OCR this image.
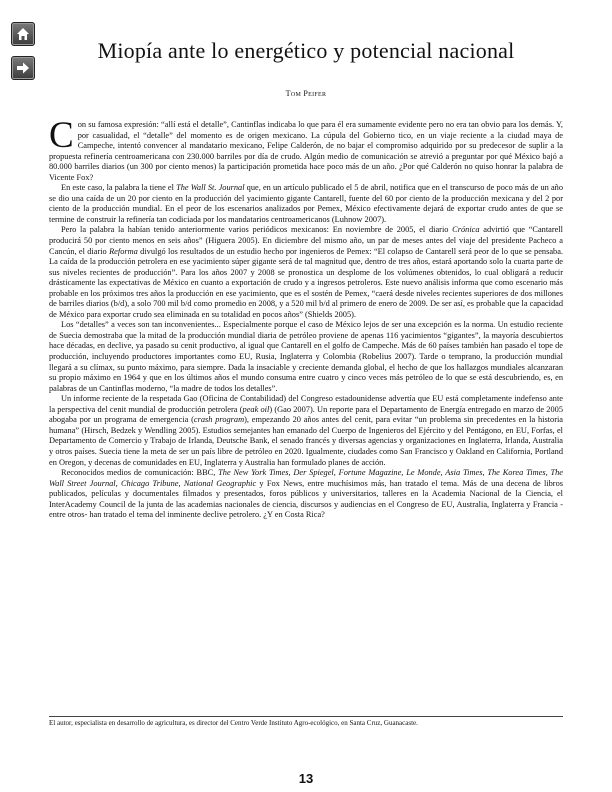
Miopía ante lo energético y potencial nacional
Tom Peifer

Con su famosa expresión: “allí está el detalle”, Cantinflas indicaba lo que para él era sumamente evidente pero no era tan obvio para los demás. Y, por casualidad, el “detalle” del momento es de origen mexicano. La cúpula del Gobierno tico, en un viaje reciente a la ciudad maya de Campeche, intentó convencer al mandatario mexicano, Felipe Calderón, de no bajar el compromiso adquirido por su predecesor de suplir a la propuesta refinería centroamericana con 230.000 barriles por día de crudo. Algún medio de comunicación se atrevió a preguntar por qué México bajó a 80.000 barriles diarios (un 300 por ciento menos) la participación prometida hace poco más de un año. ¿Por qué Calderón no quiso honrar la palabra de Vicente Fox?

En este caso, la palabra la tiene el The Wall St. Journal que, en un artículo publicado el 5 de abril, notifica que en el transcurso de poco más de un año se dio una caída de un 20 por ciento en la producción del yacimiento gigante Cantarell, fuente del 60 por ciento de la producción mexicana y del 2 por ciento de la producción mundial. En el peor de los escenarios analizados por Pemex, México efectivamente dejará de exportar crudo antes de que se termine de construir la refinería tan codiciada por los mandatarios centroamericanos (Luhnow 2007).

Pero la palabra la habían tenido anteriormente varios periódicos mexicanos: En noviembre de 2005, el diario Crónica advirtió que “Cantarell producirá 50 por ciento menos en seis años” (Higuera 2005). En diciembre del mismo año, un par de meses antes del viaje del presidente Pacheco a Cancún, el diario Reforma divulgó los resultados de un estudio hecho por ingenieros de Pemex: “El colapso de Cantarell será peor de lo que se pensaba. La caída de la producción petrolera en ese yacimiento súper gigante será de tal magnitud que, dentro de tres años, estará aportando solo la cuarta parte de sus niveles recientes de producción”. Para los años 2007 y 2008 se pronostica un desplome de los volúmenes obtenidos, lo cual obligará a reducir drásticamente las expectativas de México en cuanto a exportación de crudo y a ingresos petroleros. Este nuevo análisis informa que como escenario más probable en los próximos tres años la producción en ese yacimiento, que es el sostén de Pemex, “caerá desde niveles recientes superiores de dos millones de barriles diarios (b/d), a solo 700 mil b/d como promedio en 2008, y a 520 mil b/d al primero de enero de 2009. De ser así, es probable que la capacidad de México para exportar crudo sea eliminada en su totalidad en pocos años” (Shields 2005).

Los “detalles” a veces son tan inconvenientes... Especialmente porque el caso de México lejos de ser una excepción es la norma. Un estudio reciente de Suecia demostraba que la mitad de la producción mundial diaria de petróleo proviene de apenas 116 yacimientos “gigantes”, la mayoría descubiertos hace décadas, en declive, ya pasado su cenit productivo, al igual que Cantarell en el golfo de Campeche. Más de 60 países también han pasado el tope de producción, incluyendo productores importantes como EU, Rusia, Inglaterra y Colombia (Robelius 2007). Tarde o temprano, la producción mundial llegará a su clímax, su punto máximo, para siempre. Dada la insaciable y creciente demanda global, el hecho de que los hallazgos mundiales alcanzaran su propio máximo en 1964 y que en los últimos años el mundo consuma entre cuatro y cinco veces más petróleo de lo que se está descubriendo, es, en palabras de un Cantinflas moderno, “la madre de todos los detalles”.

Un informe reciente de la respetada Gao (Oficina de Contabilidad) del Congreso estadounidense advertía que EU está completamente indefenso ante la perspectiva del cenit mundial de producción petrolera (peak oil) (Gao 2007). Un reporte para el Departamento de Energía entregado en marzo de 2005 abogaba por un programa de emergencia (crash program), empezando 20 años antes del cenit, para evitar “un problema sin precedentes en la historia humana” (Hirsch, Bedzek y Wendling 2005). Estudios semejantes han emanado del Cuerpo de Ingenieros del Ejército y del Pentágono, en EU, Forfas, el Departamento de Comercio y Trabajo de Irlanda, Deutsche Bank, el senado francés y diversas agencias y organizaciones en Inglaterra, Irlanda, Australia y otros países. Suecia tiene la meta de ser un país libre de petróleo en 2020. Igualmente, ciudades como San Francisco y Oakland en California, Portland en Oregon, y decenas de comunidades en EU, Inglaterra y Australia han formulado planes de acción.

Reconocidos medios de comunicación: BBC, The New York Times, Der Spiegel, Fortune Magazine, Le Monde, Asia Times, The Korea Times, The Wall Street Journal, Chicago Tribune, National Geographic y Fox News, entre muchísimos más, han tratado el tema. Más de una decena de libros publicados, películas y documentales filmados y presentados, foros públicos y universitarios, talleres en la Academia Nacional de la Ciencia, el InterAcademy Council de la junta de las academias nacionales de ciencia, discursos y audiencias en el Congreso de EU, Australia, Inglaterra y Francia -entre otros- han tratado el tema del inminente declive petrolero. ¿Y en Costa Rica?

El autor, especialista en desarrollo de agricultura, es director del Centro Verde Instituto Agro-ecológico, en Santa Cruz, Guanacaste.
13
